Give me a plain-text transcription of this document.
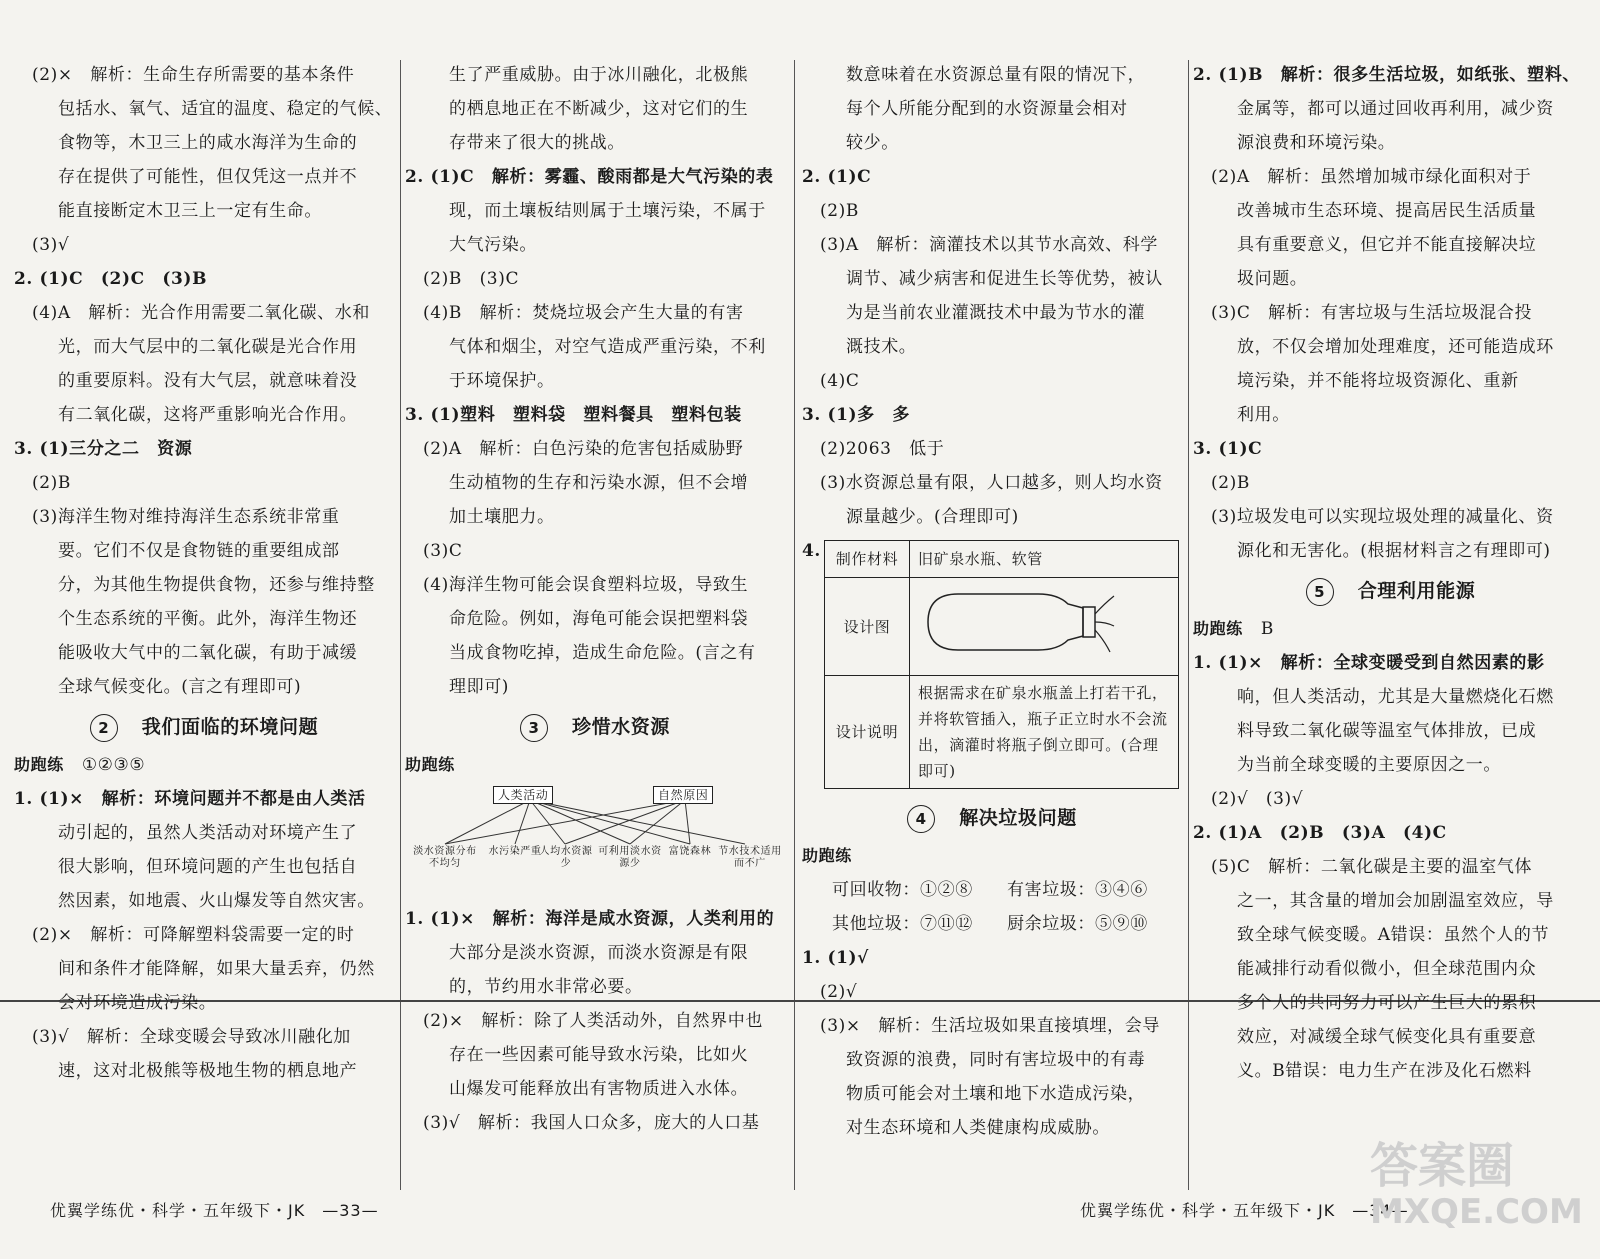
(2)×　解析：生命生存所需要的基本条件
包括水、氧气、适宜的温度、稳定的气候、
食物等，木卫三上的咸水海洋为生命的
存在提供了可能性，但仅凭这一点并不
能直接断定木卫三上一定有生命。
(3)√
2. (1)C　(2)C　(3)B
(4)A　解析：光合作用需要二氧化碳、水和
光，而大气层中的二氧化碳是光合作用
的重要原料。没有大气层，就意味着没
有二氧化碳，这将严重影响光合作用。
3. (1)三分之二　资源
(2)B
(3)海洋生物对维持海洋生态系统非常重
要。它们不仅是食物链的重要组成部
分，为其他生物提供食物，还参与维持整
个生态系统的平衡。此外，海洋生物还
能吸收大气中的二氧化碳，有助于减缓
全球气候变化。(言之有理即可)
2 我们面临的环境问题
助跑练 ①②③⑤
1. (1)×　解析：环境问题并不都是由人类活
动引起的，虽然人类活动对环境产生了
很大影响，但环境问题的产生也包括自
然因素，如地震、火山爆发等自然灾害。
(2)×　解析：可降解塑料袋需要一定的时
间和条件才能降解，如果大量丢弃，仍然
会对环境造成污染。
(3)√　解析：全球变暖会导致冰川融化加
速，这对北极熊等极地生物的栖息地产
生了严重威胁。由于冰川融化，北极熊
的栖息地正在不断减少，这对它们的生
存带来了很大的挑战。
2. (1)C　解析：雾霾、酸雨都是大气污染的表
现，而土壤板结则属于土壤污染，不属于
大气污染。
(2)B　(3)C
(4)B　解析：焚烧垃圾会产生大量的有害
气体和烟尘，对空气造成严重污染，不利
于环境保护。
3. (1)塑料　塑料袋　塑料餐具　塑料包装
(2)A　解析：白色污染的危害包括威胁野
生动植物的生存和污染水源，但不会增
加土壤肥力。
(3)C
(4)海洋生物可能会误食塑料垃圾，导致生
命危险。例如，海龟可能会误把塑料袋
当成食物吃掉，造成生命危险。(言之有
理即可)
3 珍惜水资源
助跑练
人类活动	自然原因
淡水资源分布不均匀
水污染严重
人均水资源少
可利用淡水资源少
富饶森林 节水技术适用而不广
1. (1)×　解析：海洋是咸水资源，人类利用的
大部分是淡水资源，而淡水资源是有限
的，节约用水非常必要。
(2)×　解析：除了人类活动外，自然界中也
存在一些因素可能导致水污染，比如火
山爆发可能释放出有害物质进入水体。
(3)√　解析：我国人口众多，庞大的人口基
数意味着在水资源总量有限的情况下，
每个人所能分配到的水资源量会相对
较少。
2. (1)C
(2)B
(3)A　解析：滴灌技术以其节水高效、科学
调节、减少病害和促进生长等优势，被认
为是当前农业灌溉技术中最为节水的灌
溉技术。
(4)C
3. (1)多　多
(2)2063　低于
(3)水资源总量有限，人口越多，则人均水资
源量越少。(合理即可)
4. 制作材料	旧矿泉水瓶、软管
设计图	
设计说明	根据需求在矿泉水瓶盖上打若干孔，并将软管插入，瓶子正立时水不会流出，滴灌时将瓶子倒立即可。(合理即可)
4 解决垃圾问题
助跑练
可回收物：①②⑧	有害垃圾：③④⑥
其他垃圾：⑦⑪⑫	厨余垃圾：⑤⑨⑩
1. (1)√
(2)√
(3)×　解析：生活垃圾如果直接填埋，会导
致资源的浪费，同时有害垃圾中的有毒
物质可能会对土壤和地下水造成污染，
对生态环境和人类健康构成威胁。
2. (1)B　解析：很多生活垃圾，如纸张、塑料、
金属等，都可以通过回收再利用，减少资
源浪费和环境污染。
(2)A　解析：虽然增加城市绿化面积对于
改善城市生态环境、提高居民生活质量
具有重要意义，但它并不能直接解决垃
圾问题。
(3)C　解析：有害垃圾与生活垃圾混合投
放，不仅会增加处理难度，还可能造成环
境污染，并不能将垃圾资源化、重新
利用。
3. (1)C
(2)B
(3)垃圾发电可以实现垃圾处理的减量化、资
源化和无害化。(根据材料言之有理即可)
5 合理利用能源
助跑练 B
1. (1)×　解析：全球变暖受到自然因素的影
响，但人类活动，尤其是大量燃烧化石燃
料导致二氧化碳等温室气体排放，已成
为当前全球变暖的主要原因之一。
(2)√　(3)√
2. (1)A　(2)B　(3)A　(4)C
(5)C　解析：二氧化碳是主要的温室气体
之一，其含量的增加会加剧温室效应，导
致全球气候变暖。A错误：虽然个人的节
能减排行动看似微小，但全球范围内众
多个人的共同努力可以产生巨大的累积
效应，对减缓全球气候变化具有重要意
义。B错误：电力生产在涉及化石燃料
优翼学练优・科学・五年级下・JK　—33—	优翼学练优・科学・五年级下・JK　—34—
答案圈
MXQE.COM
